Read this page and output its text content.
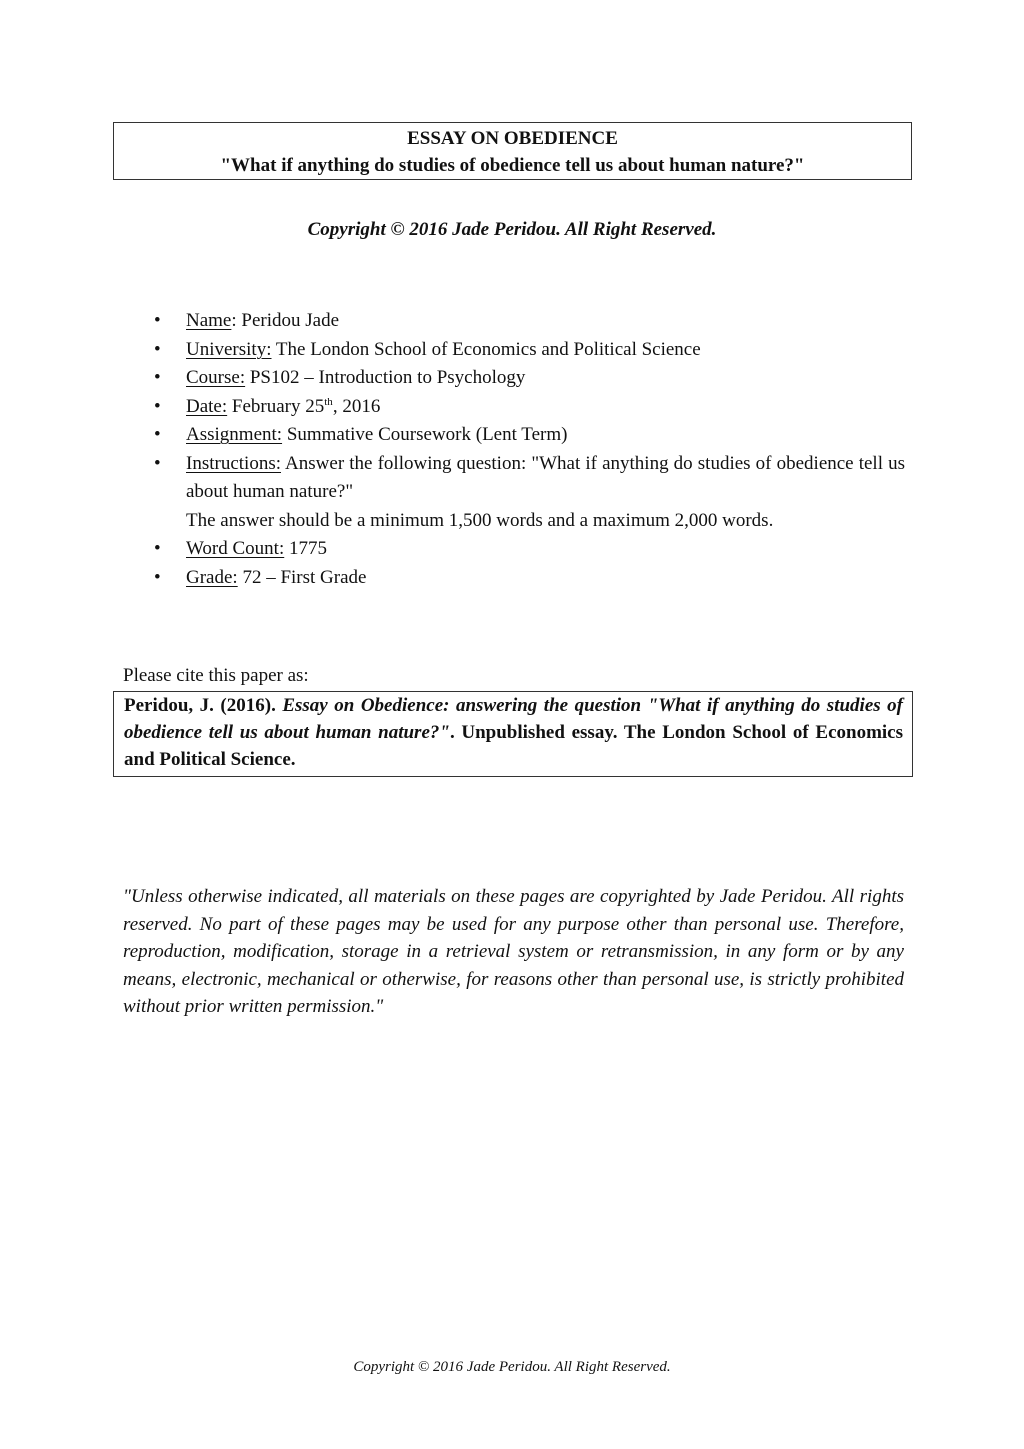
ESSAY ON OBEDIENCE
"What if anything do studies of obedience tell us about human nature?"
Copyright © 2016 Jade Peridou. All Right Reserved.
• Name: Peridou Jade
• University: The London School of Economics and Political Science
• Course: PS102 – Introduction to Psychology
• Date: February 25th, 2016
• Assignment: Summative Coursework (Lent Term)
• Instructions: Answer the following question: "What if anything do studies of obedience tell us about human nature?"
The answer should be a minimum 1,500 words and a maximum 2,000 words.
• Word Count: 1775
• Grade: 72 – First Grade
Please cite this paper as:
Peridou, J. (2016). Essay on Obedience: answering the question "What if anything do studies of obedience tell us about human nature?". Unpublished essay. The London School of Economics and Political Science.

"Unless otherwise indicated, all materials on these pages are copyrighted by Jade Peridou. All rights reserved. No part of these pages may be used for any purpose other than personal use. Therefore, reproduction, modification, storage in a retrieval system or retransmission, in any form or by any means, electronic, mechanical or otherwise, for reasons other than personal use, is strictly prohibited without prior written permission."

Copyright © 2016 Jade Peridou. All Right Reserved.
